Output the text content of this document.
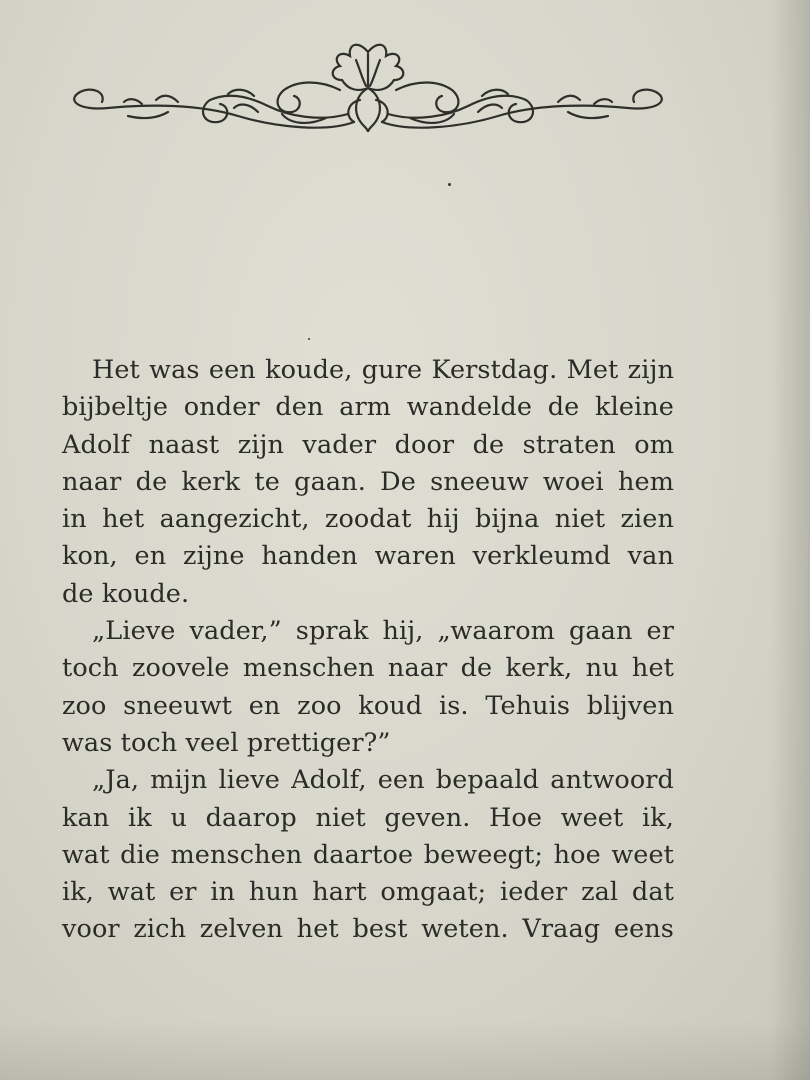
Het was een koude, gure Kerstdag. Met zijn
bijbeltje onder den arm wandelde de kleine
Adolf naast zijn vader door de straten om
naar de kerk te gaan. De sneeuw woei hem
in het aangezicht, zoodat hij bijna niet zien
kon, en zijne handen waren verkleumd van
de koude.
„Lieve vader,” sprak hij, „waarom gaan er
toch zoovele menschen naar de kerk, nu het
zoo sneeuwt en zoo koud is. Tehuis blijven
was toch veel prettiger?”
„Ja, mijn lieve Adolf, een bepaald antwoord
kan ik u daarop niet geven. Hoe weet ik,
wat die menschen daartoe beweegt; hoe weet
ik, wat er in hun hart omgaat; ieder zal dat
voor zich zelven het best weten. Vraag eens
